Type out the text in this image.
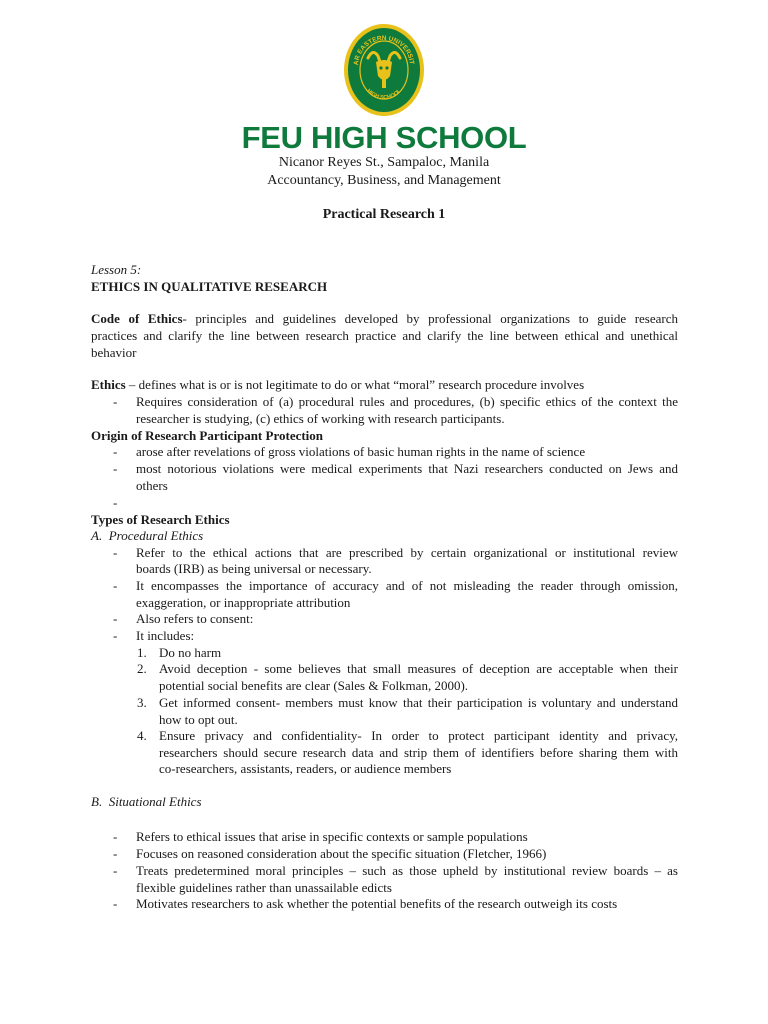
AR EASTERN UNIVERSIT
HIGH SCHOOL
FEU HIGH SCHOOL
Nicanor Reyes St., Sampaloc, Manila
Accountancy, Business, and Management
Practical Research 1
Lesson 5:
ETHICS IN QUALITATIVE RESEARCH
Code of Ethics- principles and guidelines developed by professional organizations to guide research
practices and clarify the line between research practice and clarify the line between ethical and unethical
behavior
Ethics – defines what is or is not legitimate to do or what “moral” research procedure involves
- Requires consideration of (a) procedural rules and procedures, (b) specific ethics of the context the
researcher is studying, (c) ethics of working with research participants.
Origin of Research Participant Protection
- arose after revelations of gross violations of basic human rights in the name of science
- most notorious violations were medical experiments that Nazi researchers conducted on Jews and
others
-
Types of Research Ethics
A. Procedural Ethics
- Refer to the ethical actions that are prescribed by certain organizational or institutional review
boards (IRB) as being universal or necessary.
- It encompasses the importance of accuracy and of not misleading the reader through omission,
exaggeration, or inappropriate attribution
- Also refers to consent:
- It includes:
1. Do no harm
2. Avoid deception - some believes that small measures of deception are acceptable when their
potential social benefits are clear (Sales & Folkman, 2000).
3. Get informed consent- members must know that their participation is voluntary and understand
how to opt out.
4. Ensure privacy and confidentiality- In order to protect participant identity and privacy,
researchers should secure research data and strip them of identifiers before sharing them with
co-researchers, assistants, readers, or audience members
B. Situational Ethics
- Refers to ethical issues that arise in specific contexts or sample populations
- Focuses on reasoned consideration about the specific situation (Fletcher, 1966)
- Treats predetermined moral principles – such as those upheld by institutional review boards – as
flexible guidelines rather than unassailable edicts
- Motivates researchers to ask whether the potential benefits of the research outweigh its costs
